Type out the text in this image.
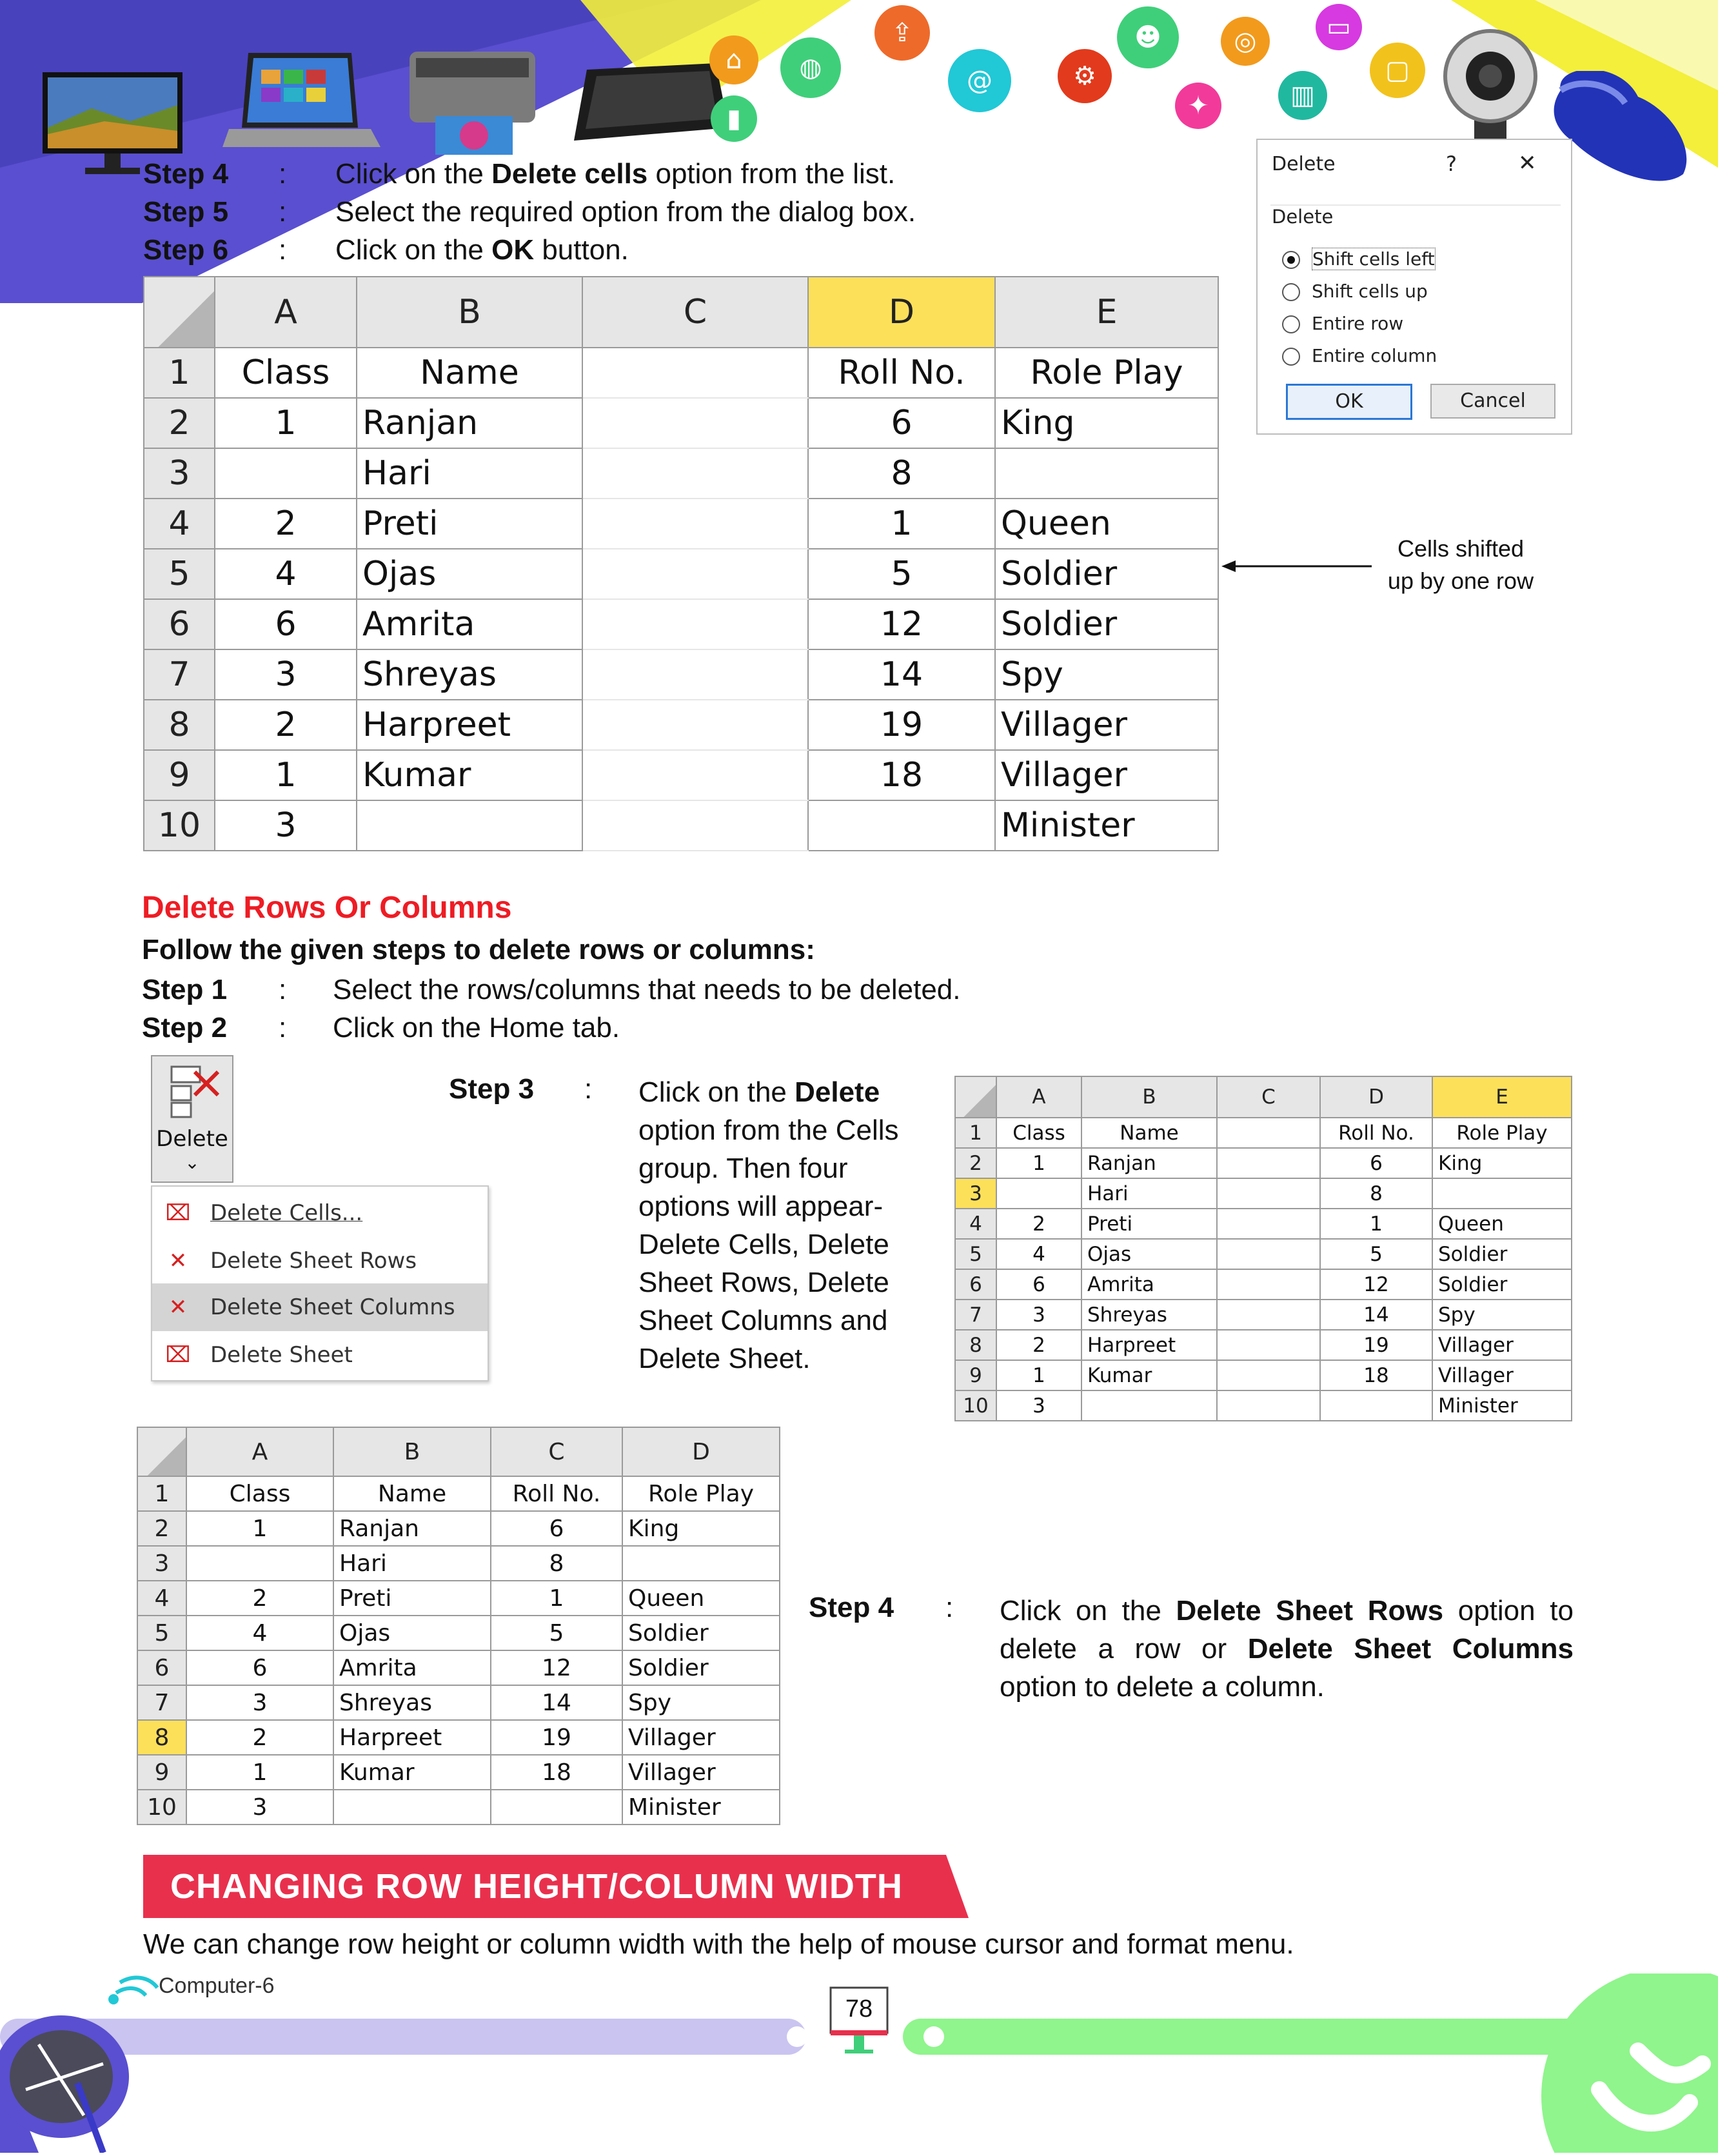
⌂	◍
⇪
▮
@	⚙
☻	◎
✦
▭
▥
▢
Step 4	:	Click on the Delete cells option from the list.
Step 5	:	Select the required option from the dialog box.
Step 6	:	Click on the OK button.
Delete	?	✕
Delete
Shift cells left
Shift cells up
Entire row
Entire column
OK	Cancel
	A	B	C	D	E
1	Class	Name		Roll No.	Role Play
2	1	Ranjan		6	King
3		Hari		8	
4	2	Preti		1	Queen
5	4	Ojas		5	Soldier
6	6	Amrita		12	Soldier
7	3	Shreyas		14	Spy
8	2	Harpreet		19	Villager
9	1	Kumar		18	Villager
10	3				Minister
Cells shifted
up by one row
Delete Rows Or Columns
Follow the given steps to delete rows or columns:
Step 1	:	Select the rows/columns that needs to be deleted.
Step 2	:	Click on the Home tab.
Delete
⌄
⌧ Delete Cells...
✕	Delete Sheet Rows
✕	Delete Sheet Columns
⌧ Delete Sheet
Step 3 : Click on the Delete
option from the Cells
group. Then four
options will appear-
Delete Cells, Delete
Sheet Rows, Delete
Sheet Columns and
Delete Sheet.
	A	B	C	D	E
1	Class	Name		Roll No.	Role Play
2	1	Ranjan		6	King
3		Hari		8	
4	2	Preti		1	Queen
5	4	Ojas		5	Soldier
6	6	Amrita		12	Soldier
7	3	Shreyas		14	Spy
8	2	Harpreet		19	Villager
9	1	Kumar		18	Villager
10	3				Minister
	A	B	C	D
1	Class	Name	Roll No.	Role Play
2	1	Ranjan	6	King
3		Hari	8	
4	2	Preti	1	Queen
5	4	Ojas	5	Soldier
6	6	Amrita	12	Soldier
7	3	Shreyas	14	Spy
8	2	Harpreet	19	Villager
9	1	Kumar	18	Villager
10	3			Minister
Step 4 : Click on the Delete Sheet Rows option to delete a row or Delete Sheet Columns option to delete a column.
CHANGING ROW HEIGHT/COLUMN WIDTH
We can change row height or column width with the help of mouse cursor and format menu.
Computer-6
78
